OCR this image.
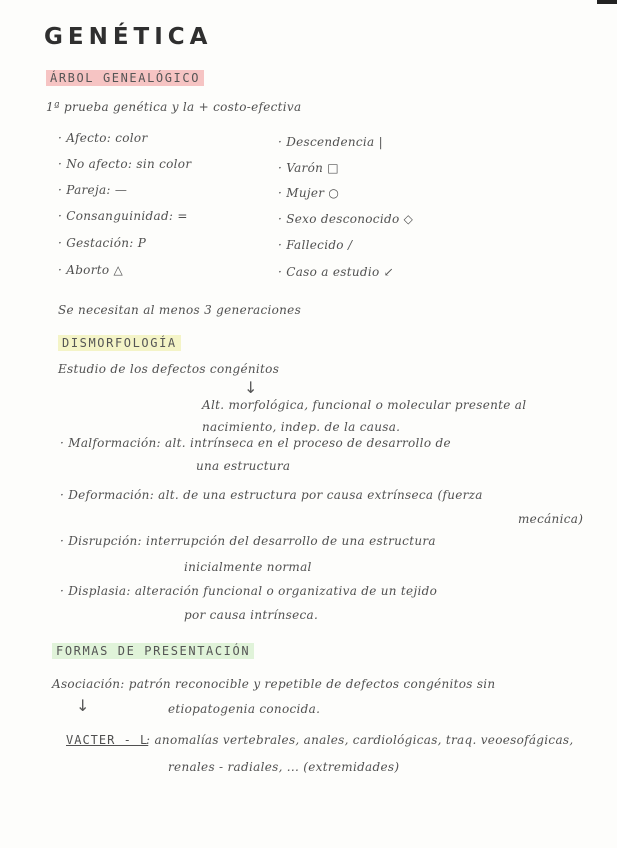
GENÉTICA
ÁRBOL GENEALÓGICO
1ª prueba genética y la + costo-efectiva
· Afecto: color
· No afecto: sin color
· Pareja: —
· Consanguinidad: =
· Gestación: P
· Aborto △
· Descendencia |
· Varón □
· Mujer ○
· Sexo desconocido ◇
· Fallecido /
· Caso a estudio ↙
Se necesitan al menos 3 generaciones
DISMORFOLOGÍA
Estudio de los defectos congénitos
↓
Alt. morfológica, funcional o molecular presente al
nacimiento, indep. de la causa.
· Malformación: alt. intrínseca en el proceso de desarrollo de
una estructura
· Deformación: alt. de una estructura por causa extrínseca (fuerza
mecánica)
· Disrupción: interrupción del desarrollo de una estructura
inicialmente normal
· Displasia: alteración funcional o organizativa de un tejido
por causa intrínseca.
FORMAS DE PRESENTACIÓN
Asociación: patrón reconocible y repetible de defectos congénitos sin
↓	etiopatogenia conocida.
VACTER - L
: anomalías vertebrales, anales, cardiológicas, traq. veoesofágicas,
renales - radiales, ... (extremidades)
